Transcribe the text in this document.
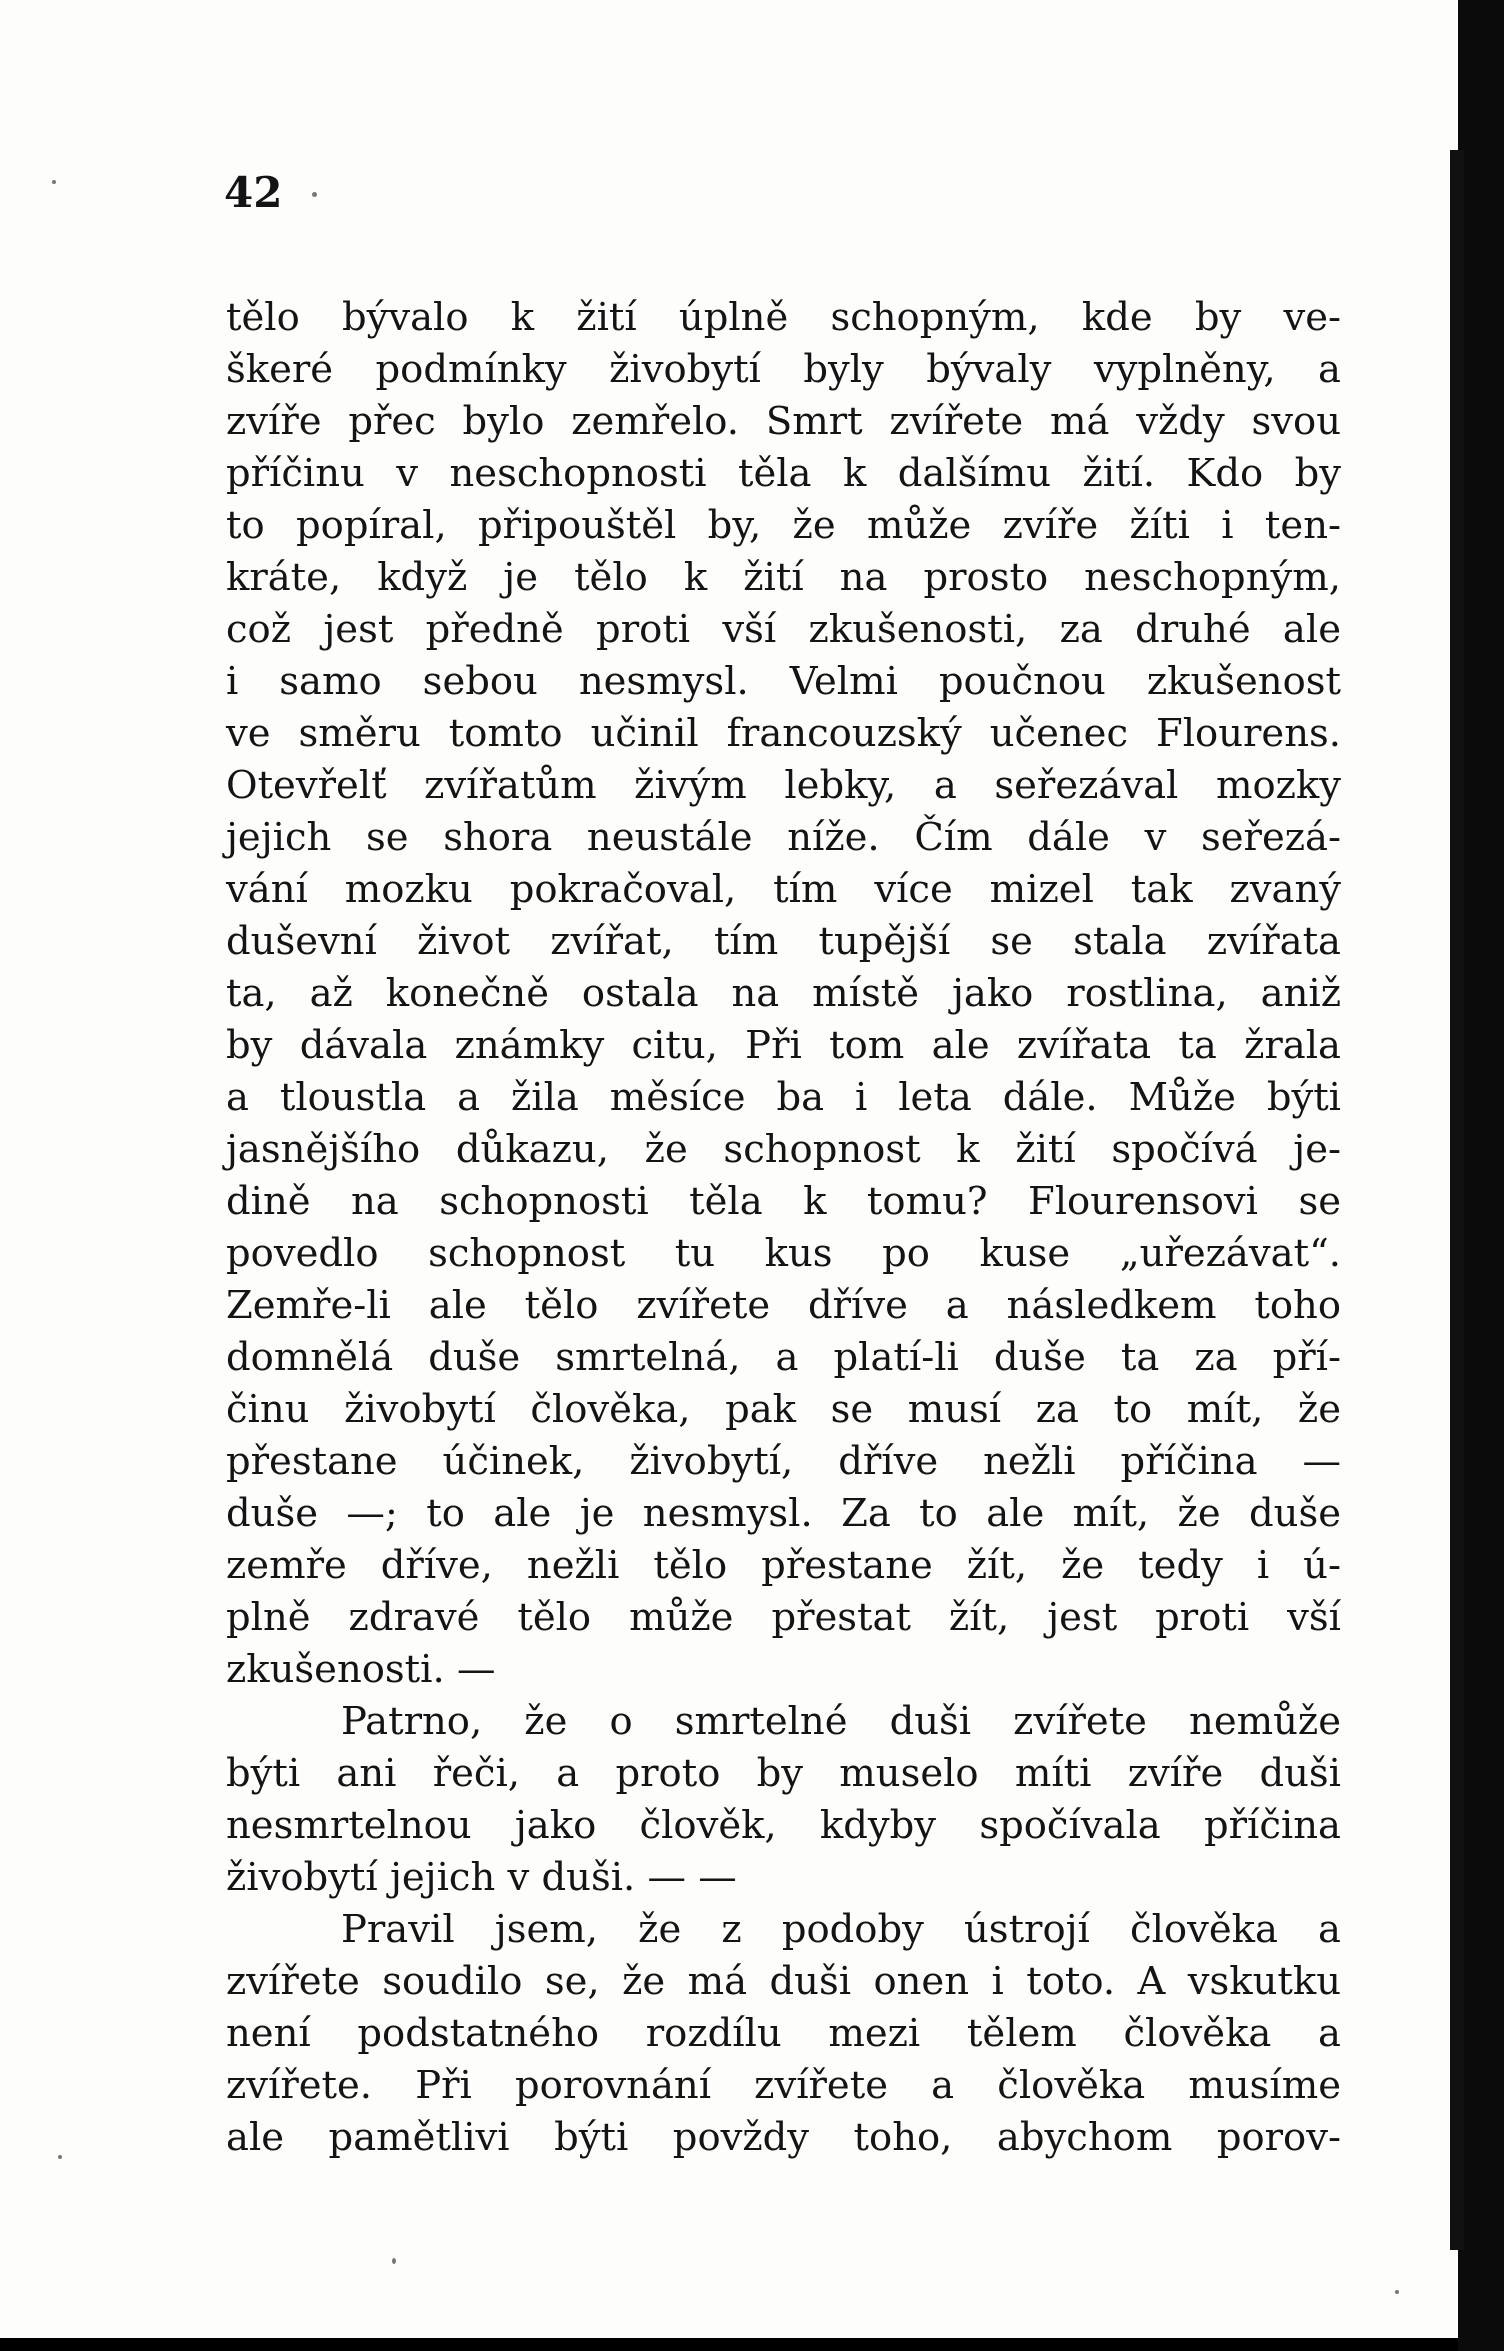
42
tělo bývalo k žití úplně schopným, kde by ve-
škeré podmínky živobytí byly bývaly vyplněny, a
zvíře přec bylo zemřelo. Smrt zvířete má vždy svou
příčinu v neschopnosti těla k dalšímu žití. Kdo by
to popíral, připouštěl by, že může zvíře žíti i ten-
kráte, když je tělo k žití na prosto neschopným,
což jest předně proti vší zkušenosti, za druhé ale
i samo sebou nesmysl. Velmi poučnou zkušenost
ve směru tomto učinil francouzský učenec Flourens.
Otevřelť zvířatům živým lebky, a seřezával mozky
jejich se shora neustále níže. Čím dále v seřezá-
vání mozku pokračoval, tím více mizel tak zvaný
duševní život zvířat, tím tupější se stala zvířata
ta, až konečně ostala na místě jako rostlina, aniž
by dávala známky citu, Při tom ale zvířata ta žrala
a tloustla a žila měsíce ba i leta dále. Může býti
jasnějšího důkazu, že schopnost k žití spočívá je-
dině na schopnosti těla k tomu? Flourensovi se
povedlo schopnost tu kus po kuse „uřezávat“.
Zemře-li ale tělo zvířete dříve a následkem toho
domnělá duše smrtelná, a platí-li duše ta za pří-
činu živobytí člověka, pak se musí za to mít, že
přestane účinek, živobytí, dříve nežli příčina —
duše —; to ale je nesmysl. Za to ale mít, že duše
zemře dříve, nežli tělo přestane žít, že tedy i ú-
plně zdravé tělo může přestat žít, jest proti vší
zkušenosti. —
Patrno, že o smrtelné duši zvířete nemůže
býti ani řeči, a proto by muselo míti zvíře duši
nesmrtelnou jako člověk, kdyby spočívala příčina
živobytí jejich v duši. — —
Pravil jsem, že z podoby ústrojí člověka a
zvířete soudilo se, že má duši onen i toto. A vskutku
není podstatného rozdílu mezi tělem člověka a
zvířete. Při porovnání zvířete a člověka musíme
ale pamětlivi býti povždy toho, abychom porov-
